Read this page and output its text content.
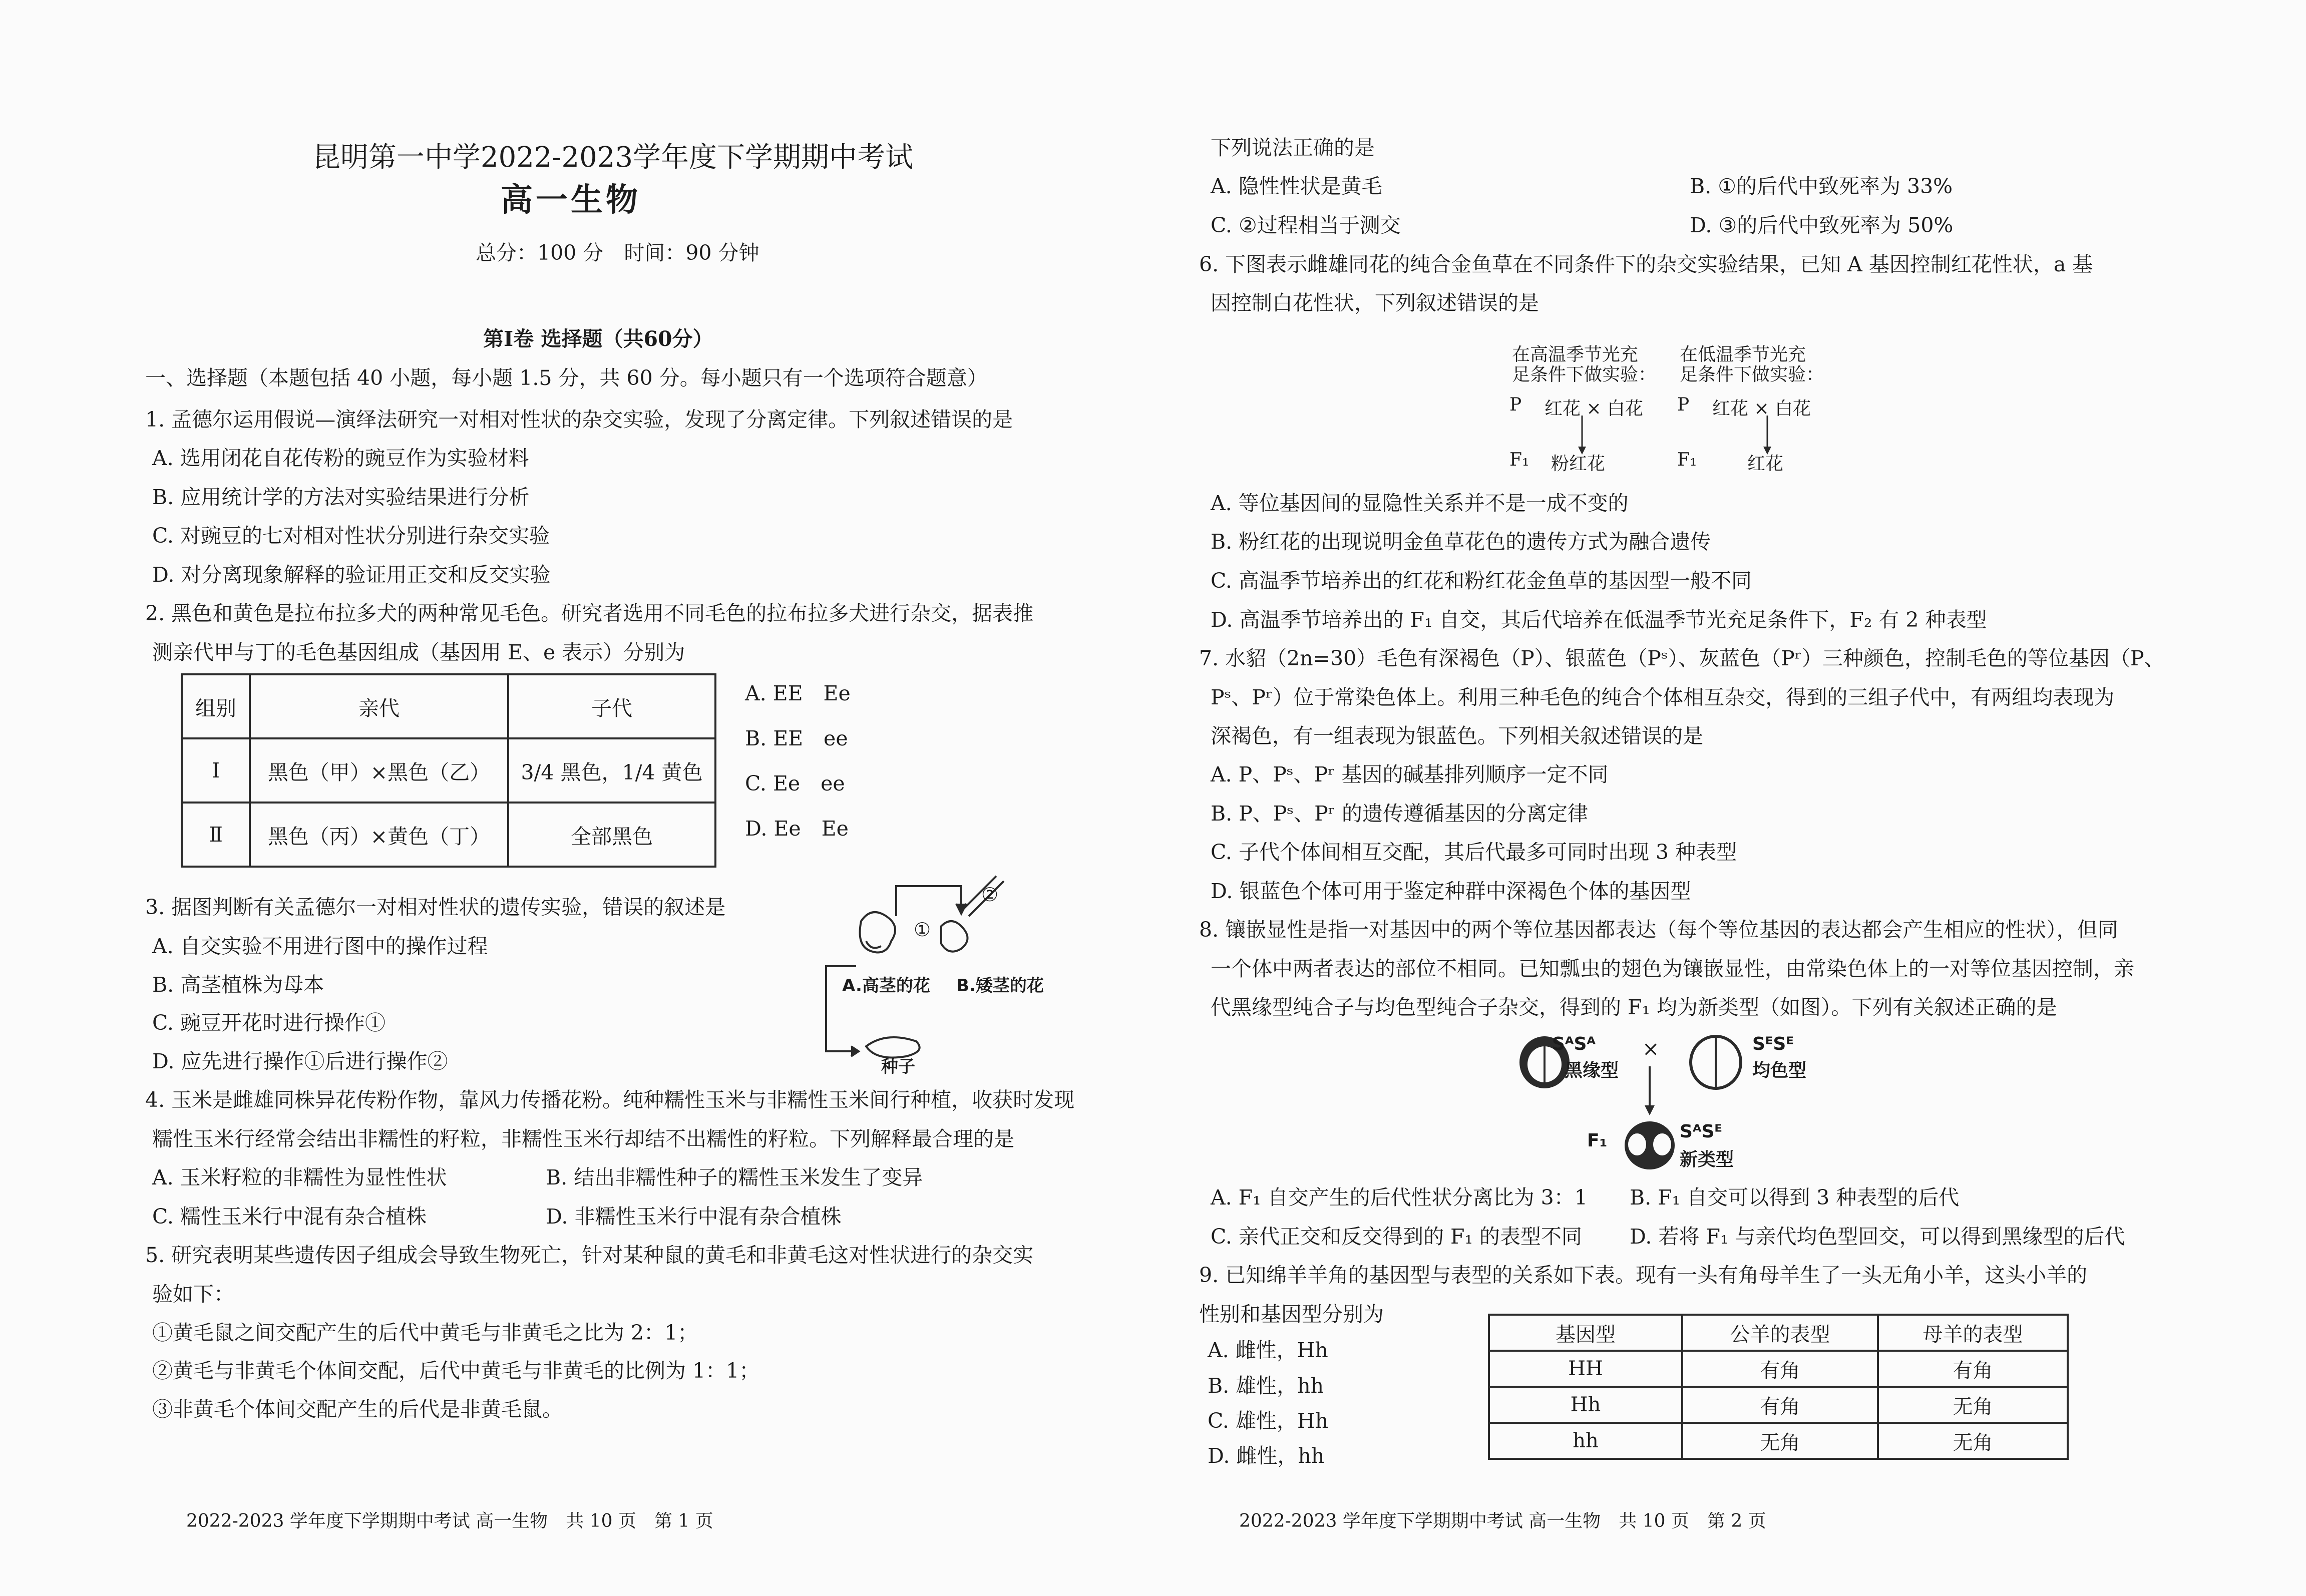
昆明第一中学2022-2023学年度下学期期中考试
高一生物
总分：100 分　时间：90 分钟
第Ⅰ卷 选择题（共60分）
一、选择题（本题包括 40 小题，每小题 1.5 分，共 60 分。每小题只有一个选项符合题意）
1. 孟德尔运用假说—演绎法研究一对相对性状的杂交实验，发现了分离定律。下列叙述错误的是
A. 选用闭花自花传粉的豌豆作为实验材料
B. 应用统计学的方法对实验结果进行分析
C. 对豌豆的七对相对性状分别进行杂交实验
D. 对分离现象解释的验证用正交和反交实验
2. 黑色和黄色是拉布拉多犬的两种常见毛色。研究者选用不同毛色的拉布拉多犬进行杂交，据表推
测亲代甲与丁的毛色基因组成（基因用 E、e 表示）分别为
组别	亲代	子代
Ⅰ	黑色（甲）×黑色（乙）	3/4 黑色，1/4 黄色
Ⅱ	黑色（丙）×黄色（丁）	全部黑色
A. EE　Ee
B. EE　ee
C. Ee　ee
D. Ee　Ee
3. 据图判断有关孟德尔一对相对性状的遗传实验，错误的叙述是
A. 自交实验不用进行图中的操作过程
B. 高茎植株为母本
C. 豌豆开花时进行操作①
D. 应先进行操作①后进行操作②
①
②
A.高茎的花 B.矮茎的花
种子
4. 玉米是雌雄同株异花传粉作物，靠风力传播花粉。纯种糯性玉米与非糯性玉米间行种植，收获时发现
糯性玉米行经常会结出非糯性的籽粒，非糯性玉米行却结不出糯性的籽粒。下列解释最合理的是
A. 玉米籽粒的非糯性为显性性状	B. 结出非糯性种子的糯性玉米发生了变异
C. 糯性玉米行中混有杂合植株	D. 非糯性玉米行中混有杂合植株
5. 研究表明某些遗传因子组成会导致生物死亡，针对某种鼠的黄毛和非黄毛这对性状进行的杂交实
验如下：
①黄毛鼠之间交配产生的后代中黄毛与非黄毛之比为 2：1；
②黄毛与非黄毛个体间交配，后代中黄毛与非黄毛的比例为 1：1；
③非黄毛个体间交配产生的后代是非黄毛鼠。
2022-2023 学年度下学期期中考试 高一生物　共 10 页　第 1 页
下列说法正确的是
A. 隐性性状是黄毛	B. ①的后代中致死率为 33%
C. ②过程相当于测交	D. ③的后代中致死率为 50%
6. 下图表示雌雄同花的纯合金鱼草在不同条件下的杂交实验结果，已知 A 基因控制红花性状，a 基
因控制白花性状，下列叙述错误的是
在高温季节光充
足条件下做实验：
在低温季节光充
足条件下做实验：
P 红花 × 白花 P 红花 × 白花
F₁ 粉红花	F₁	红花
A. 等位基因间的显隐性关系并不是一成不变的
B. 粉红花的出现说明金鱼草花色的遗传方式为融合遗传
C. 高温季节培养出的红花和粉红花金鱼草的基因型一般不同
D. 高温季节培养出的 F₁ 自交，其后代培养在低温季节光充足条件下，F₂ 有 2 种表型
7. 水貂（2n=30）毛色有深褐色（P）、银蓝色（Pˢ）、灰蓝色（Pʳ）三种颜色，控制毛色的等位基因（P、
Pˢ、Pʳ）位于常染色体上。利用三种毛色的纯合个体相互杂交，得到的三组子代中，有两组均表现为
深褐色，有一组表现为银蓝色。下列相关叙述错误的是
A. P、Pˢ、Pʳ 基因的碱基排列顺序一定不同
B. P、Pˢ、Pʳ 的遗传遵循基因的分离定律
C. 子代个体间相互交配，其后代最多可同时出现 3 种表型
D. 银蓝色个体可用于鉴定种群中深褐色个体的基因型
8. 镶嵌显性是指一对基因中的两个等位基因都表达（每个等位基因的表达都会产生相应的性状），但同
一个体中两者表达的部位不相同。已知瓢虫的翅色为镶嵌显性，由常染色体上的一对等位基因控制，亲
代黑缘型纯合子与均色型纯合子杂交，得到的 F₁ 均为新类型（如图）。下列有关叙述正确的是
SᴬSᴬ
黑缘型
×	SᴱSᴱ
均色型
F₁	SᴬSᴱ
新类型
A. F₁ 自交产生的后代性状分离比为 3：1 B. F₁ 自交可以得到 3 种表型的后代
C. 亲代正交和反交得到的 F₁ 的表型不同 D. 若将 F₁ 与亲代均色型回交，可以得到黑缘型的后代
9. 已知绵羊羊角的基因型与表型的关系如下表。现有一头有角母羊生了一头无角小羊，这头小羊的
性别和基因型分别为
A. 雌性，Hh
B. 雄性，hh
C. 雄性，Hh
D. 雌性，hh
基因型	公羊的表型	母羊的表型
HH	有角	有角
Hh	有角	无角
hh	无角	无角
2022-2023 学年度下学期期中考试 高一生物　共 10 页　第 2 页
